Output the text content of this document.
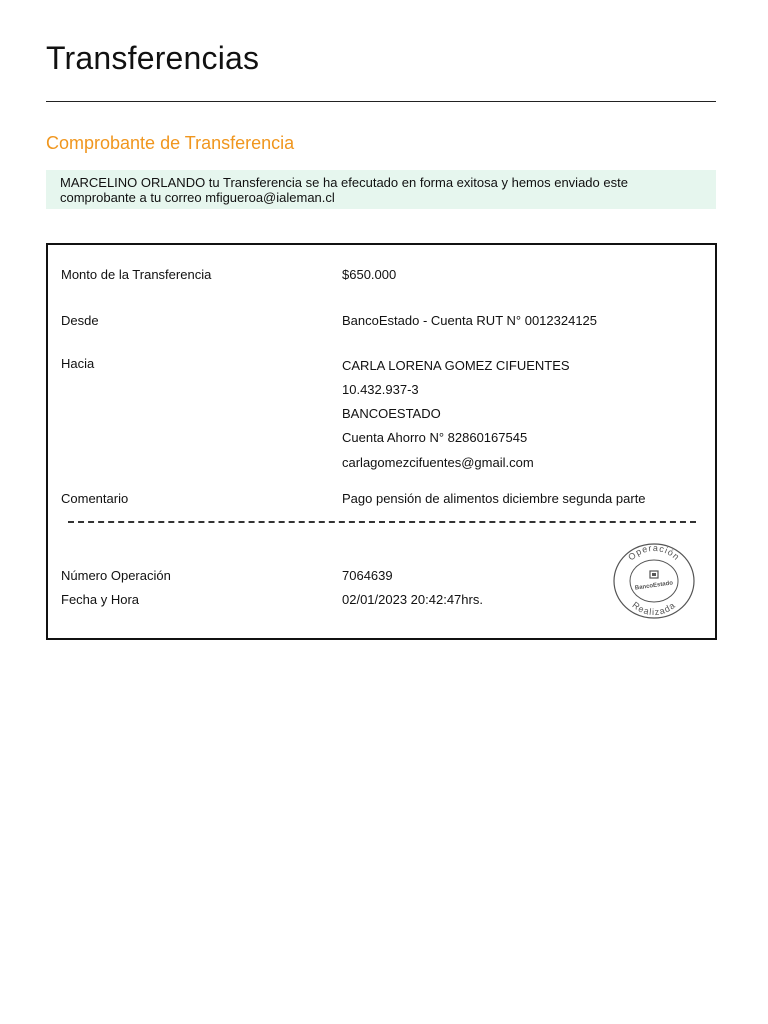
Transferencias
Comprobante de Transferencia
MARCELINO ORLANDO tu Transferencia se ha efecutado en forma exitosa y hemos enviado este
comprobante a tu correo mfigueroa@ialeman.cl
Monto de la Transferencia	$650.000
Desde	BancoEstado - Cuenta RUT N° 0012324125
Hacia	CARLA LORENA GOMEZ CIFUENTES
10.432.937-3
BANCOESTADO
Cuenta Ahorro N° 82860167545
carlagomezcifuentes@gmail.com
Comentario	Pago pensión de alimentos diciembre segunda parte
Número Operación	7064639
Fecha y Hora	02/01/2023 20:42:47hrs.
Operación
Realizada
BancoEstado
